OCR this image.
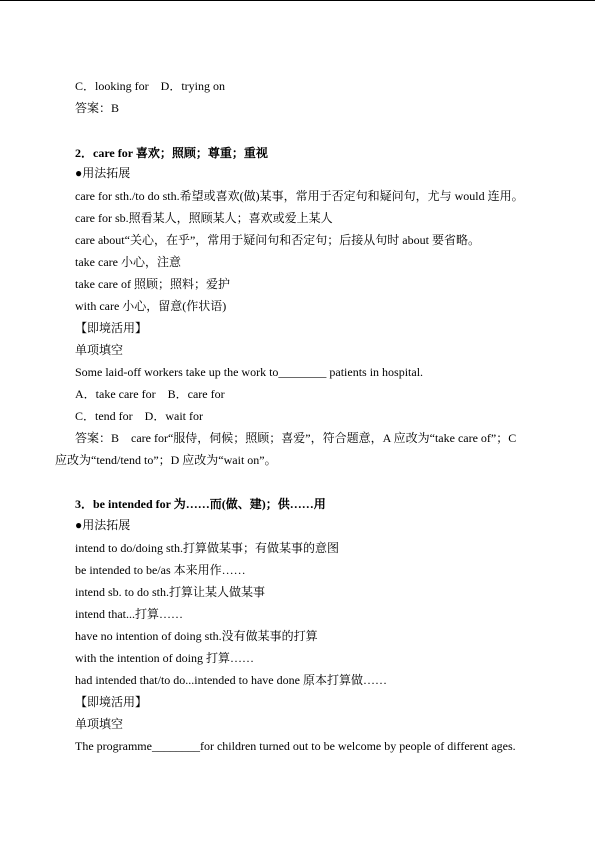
C．looking for　D．trying on
答案：B
2．care for 喜欢；照顾；尊重；重视
●用法拓展
care for sth./to do sth.希望或喜欢(做)某事，常用于否定句和疑问句，尤与 would 连用。
care for sb.照看某人，照顾某人；喜欢或爱上某人
care about“关心，在乎”，常用于疑问句和否定句；后接从句时 about 要省略。
take care 小心，注意
take care of 照顾；照料；爱护
with care 小心，留意(作状语)
【即境活用】
单项填空
Some laid-off workers take up the work to________ patients in hospital.
A．take care for　B．care for
C．tend for　D．wait for
答案：B　care for“服侍，伺候；照顾；喜爱”，符合题意，A 应改为“take care of”；C
应改为“tend/tend to”；D 应改为“wait on”。
3．be intended for 为……而(做、建)；供……用
●用法拓展
intend to do/doing sth.打算做某事；有做某事的意图
be intended to be/as 本来用作……
intend sb. to do sth.打算让某人做某事
intend that...打算……
have no intention of doing sth.没有做某事的打算
with the intention of doing 打算……
had intended that/to do...intended to have done 原本打算做……
【即境活用】
单项填空
The programme________for children turned out to be welcome by people of different ages.
